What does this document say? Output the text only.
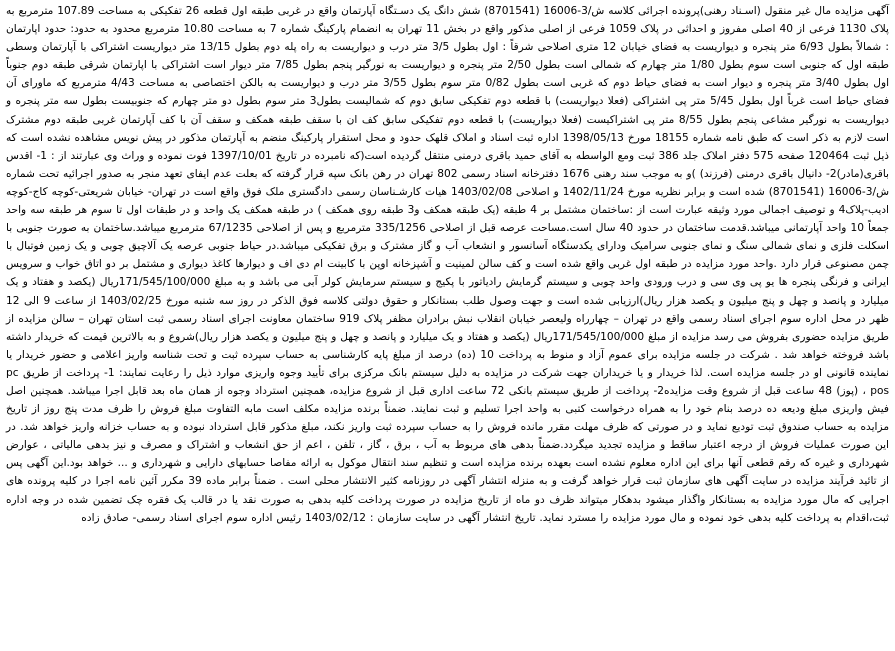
آگهی مزایده مال غیر منقول (اسـناد رهنی)پرونده اجرائی کلاسه ش/3-16006 (8701541) شش دانگ یک دسـتگاه آپارتمان واقع در غربی طبقه اول قطعه 26 تفکیکی به مساحت 107.89 مترمربع به پلاک 1130 فرعی از 40 اصلی مفروز و احداثی در پلاک 1059 فرعی از اصلی مذکور واقع در بخش 11 تهران به انضمام پارکینگ شماره 7 به مساحت 10.80 مترمربع محدود به حدود: حدود اپارتمان : شمالاً بطول 6/93 متر پنجره و دیواریست به فضای خیابان 12 متری اصلاحی شرقاً : اول بطول 3/5 متر درب و دیواریست به راه پله دوم بطول 13/15 متر دیواریست اشتراکی با آپارتمان وسطی طبقه اول که جنوبی است سوم بطول 1/80 متر چهارم که شمالی است بطول 2/50 متر پنجره و دیواریست به نورگیر پنجم بطول 7/85 متر دیوار است اشتراکی با اپارتمان شرقی طبقه دوم جنوباً اول بطول 3/40 متر پنجره و دیوار است به فضای حیاط دوم که غربی است بطول 0/82 متر سوم بطول 3/55 متر درب و دیواریست به بالکن اختصاصی به مساحت 4/43 مترمربع که ماورای آن فضای حیاط است غرباً اول بطول 5/45 متر پی اشتراکی (فعلا دیواریست) با قطعه دوم تفکیکی سابق دوم که شمالیست بطول3 متر سوم بطول دو متر چهارم که جنوبیست بطول سه متر پنجره و دیواریست به نورگیر مشاعی پنجم بطول 8/55 متر پی اشتراکیست (فعلا دیواریست) با قطعه دوم تفکیکی سابق کف ان با سقف طبقه همکف و سقف آن با کف آپارتمان غربی طبقه دوم مشترک است لازم به ذکر است که طبق نامه شماره 18155 مورخ 1398/05/13 اداره ثبت اسناد و املاک قلهک حدود و محل استقرار پارکینگ منضم به آپارتمان مذکور در پیش نویس مشاهده نشده است که ذیل ثبت 120464 صفحه 575 دفتر املاک جلد 386 ثبت ومع الواسطه به آقای حمید باقری درمنی منتقل گردیده است(که نامبرده در تاریخ 1397/10/01 فوت نموده و وراث وی عبارتند از : 1- اقدس باقری(مادر)2- دانیال باقری درمنی (فرزند) )و به موجب سند رهنی 1676 دفترخانه اسناد رسمی 802 تهران در رهن بانک سپه قرار گرفته که بعلت عدم ایفای تعهد منجر به صدور اجرائیه تحت شماره ش/3-16006 (8701541) شده است و برابر نظریه مورخ 1402/11/24 و اصلاحی 1403/02/08 هیات کارشـناسان رسمی دادگستری ملک فوق واقع است در تهران- خیابان شریعتی-کوچه کاج-کوچه ادیب-پلاک4 و توصیف اجمالی مورد وثیقه عبارت است از :ساختمان مشتمل بر 4 طبقه (یک طبقه همکف و3 طبقه روی همکف ) در طبقه همکف یک واحد و در طبقات اول تا سوم هر طبقه سه واحد جمعاً 10 واحد آپارتمانی میباشد.قدمت ساختمان در حدود 40 سال است.مساحت عرصه قبل از اصلاحی 335/1256 مترمربع و پس از اصلاحی 67/1235 مترمربع میباشد.ساختمان به صورت جنوبی با اسکلت فلزی و نمای شمالی سنگ و نمای جنوبی سرامیک ودارای یکدستگاه آسانسور و انشعاب آب و گاز مشترک و برق تفکیکی میباشد.در حیاط جنوبی عرصه یک آلاچیق چوبی و یک زمین فوتبال با چمن مصنوعی قرار دارد .واحد مورد مزایده در طبقه اول غربی واقع شده است و کف سالن لمینیت و آشپزخانه اوپن با کابینت ام دی اف و دیوارها کاغذ دیواری و مشتمل بر دو اتاق خواب و سرویس ایرانی و فرنگی پنجره ها یو پی وی سی و درب ورودی واحد چوبی و سیستم گرمایش رادیاتور با پکیج و سیستم سرمایش کولر آبی می باشد و به مبلغ 171/545/100/000ریال (یکصد و هفتاد و یک میلیارد و پانصد و چهل و پنج میلیون و یکصد هزار ریال)ارزیابی شده است و جهت وصول طلب بستانکار و حقوق دولتی کلاسه فوق الذکر در روز سه شنبه مورخ 1403/02/25 از ساعت 9 الی 12 ظهر در محل اداره سوم اجرای اسناد رسمی واقع در تهران – چهارراه ولیعصر خیابان انقلاب نبش برادران مظفر پلاک 919 ساختمان معاونت اجرای اسناد رسمی ثبت استان تهران – سالن مزایده از طریق مزایده حضوری بفروش می رسد مزایده از مبلغ 171/545/100/000ریال (یکصد و هفتاد و یک میلیارد و پانصد و چهل و پنج میلیون و یکصد هزار ریال)شروع و به بالاترین قیمت که خریدار داشته باشد فروخته خواهد شد . شرکت در جلسه مزایده برای عموم آزاد و منوط به پرداخت 10 (ده) درصد از مبلغ پایه کارشناسی به حساب سپرده ثبت و تحت شناسه واریز اعلامی و حضور خریدار یا نماینده قانونی او در جلسه مزایده است. لذا خریدار و یا خریداران جهت شرکت در مزایده به دلیل سیستم بانک مرکزی برای تأیید وجوه واریزی موارد ذیل را رعایت نمایند: 1- پرداخت از طریق pc pos ، (پوز) 48 ساعت قبل از شروع وقت مزایده2- پرداخت از طریق سیستم بانکی 72 ساعت اداری قبل از شروع مزایده، همچنین استرداد وجوه از همان ماه بعد قابل اجرا میباشد. همچنین اصل فیش واریزی مبلغ ودیعه ده درصد بنام خود را به همراه درخواست کتبی به واحد اجرا تسلیم و ثبت نمایند. ضمناً برنده مزایده مکلف است مابه التفاوت مبلغ فروش را ظرف مدت پنج روز از تاریخ مزایده به حساب صندوق ثبت تودیع نماید و در صورتی که ظرف مهلت مقرر مانده فروش را به حساب سپرده ثبت واریز نکند، مبلغ مذکور قابل استرداد نبوده و به حساب خزانه واریز خواهد شد. در این صورت عملیات فروش از درجه اعتبار ساقط و مزایده تجدید میگردد.ضمناً بدهی های مربوط به آب ، برق ، گاز ، تلفن ، اعم از حق انشعاب و اشتراک و مصرف و نیز بدهی مالیاتی ، عوارض شهرداری و غیره که رقم قطعی آنها برای این اداره معلوم نشده است بعهده برنده مزایده است و تنظیم سند انتقال موکول به ارائه مفاصا حسابهای دارایی و شهرداری و ... خواهد بود.این آگهی پس از تائید فرآیند مزایده در سایت آگهی های سازمان ثبت قرار خواهد گرفت و به منزله انتشار آگهی در روزنامه کثیر الانتشار محلی است . ضمناً برابر ماده 39 مکرر آئین نامه اجرا در کلیه پرونده های اجرایی که مال مورد مزایده به بستانکار واگذار میشود بدهکار میتواند ظرف دو ماه از تاریخ مزایده در صورت پرداخت کلیه بدهی به صورت نقد یا در قالب یک فقره چک تضمین شده در وجه اداره ثبت،اقدام به پرداخت کلیه بدهی خود نموده و مال مورد مزایده را مسترد نماید. تاریخ انتشار آگهی در سایت سازمان : 1403/02/12 رئیس اداره سوم اجرای اسناد رسمی- صادق زاده
